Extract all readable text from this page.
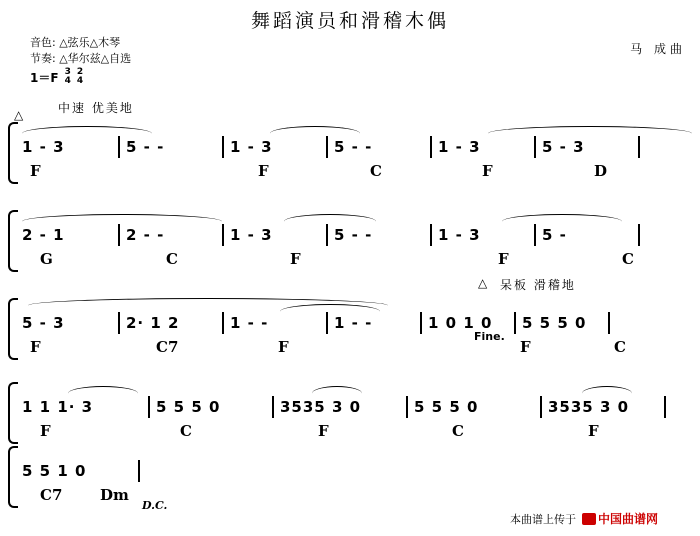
舞蹈演员和滑稽木偶
音色: △弦乐△木琴
节奏: △华尔兹△自选
1＝F 3
4
2
4
马 成曲
中速 优美地
△
△ 呆板 滑稽地
1 - 3	5 - -	1 - 3	5 - -	1 - 3	5 - 3
F	F	C	F	D
2 - 1	2 - -	1 - 3	5 - -	1 - 3	5 -
G	C	F	F	C
5 - 3	2· 1 2	1 - -	1 - -	1 0 1 0	5 5 5 0
F	C7	F	F	C
Fine.
1 1 1· 3	5 5 5 0	3535 3 0	5 5 5 0	3535 3 0
F	C	F	C	F
5 5 1 0
C7	Dm
D.C.
本曲谱上传于 中国曲谱网
